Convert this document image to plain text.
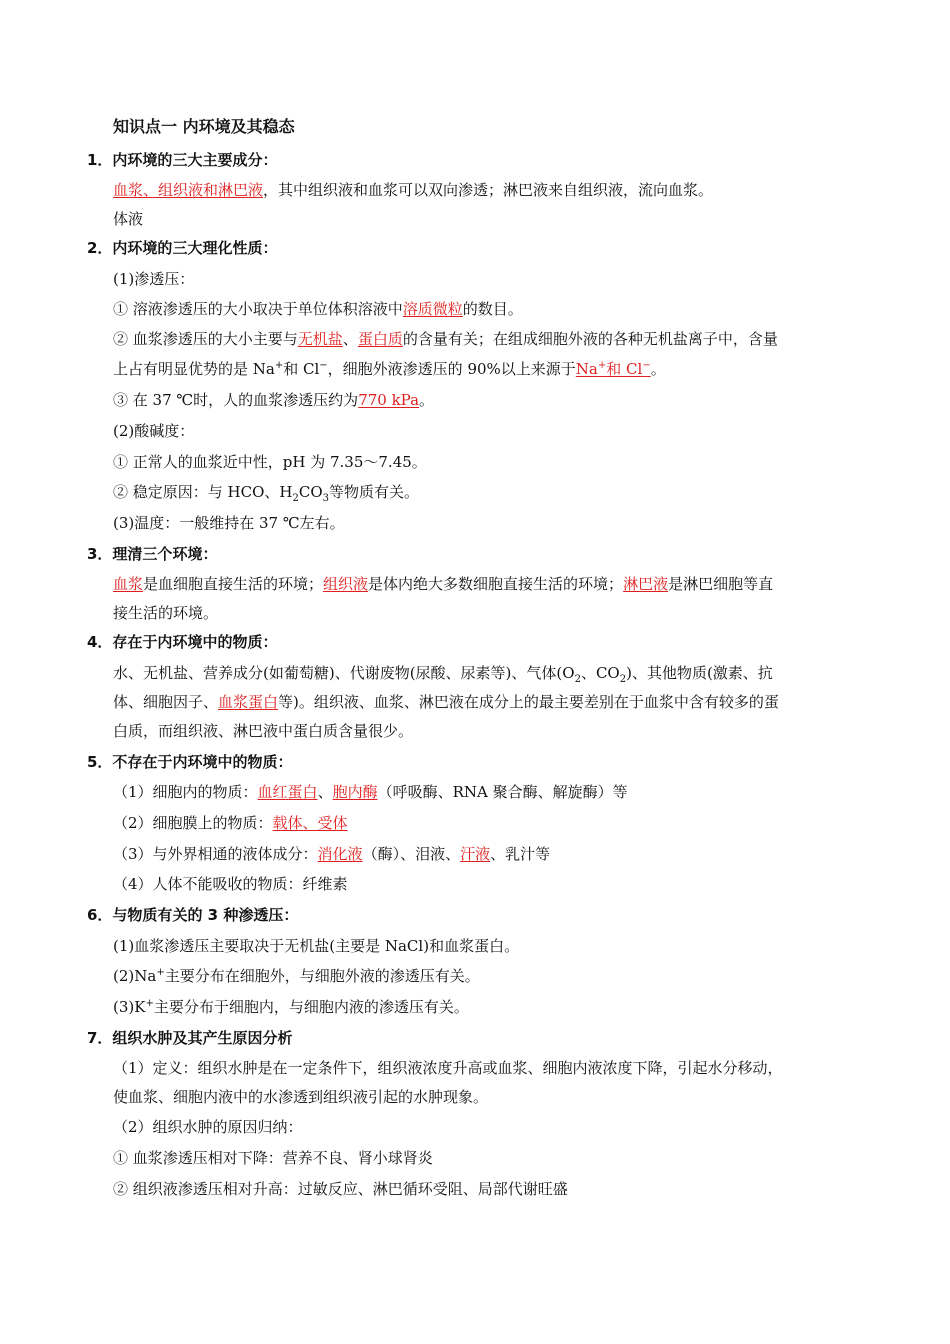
知识点一 内环境及其稳态
1．内环境的三大主要成分：
血浆、组织液和淋巴液，其中组织液和血浆可以双向渗透；淋巴液来自组织液，流向血浆。
体液
2．内环境的三大理化性质：
(1)渗透压：
① 溶液渗透压的大小取决于单位体积溶液中溶质微粒的数目。
② 血浆渗透压的大小主要与无机盐、蛋白质的含量有关；在组成细胞外液的各种无机盐离子中，含量
上占有明显优势的是 Na+和 Cl−，细胞外液渗透压的 90%以上来源于Na+和 Cl−。
③ 在 37 ℃时，人的血浆渗透压约为770 kPa。
(2)酸碱度：
① 正常人的血浆近中性，pH 为 7.35～7.45。
② 稳定原因：与 HCO、$H_2CO_3$等物质有关。
(3)温度：一般维持在 37 ℃左右。
3．理清三个环境：
血浆是血细胞直接生活的环境；组织液是体内绝大多数细胞直接生活的环境；淋巴液是淋巴细胞等直
接生活的环境。
4．存在于内环境中的物质：
水、无机盐、营养成分(如葡萄糖)、代谢废物(尿酸、尿素等)、气体($O_2$、$CO_2$)、其他物质(激素、抗
体、细胞因子、血浆蛋白等)。组织液、血浆、淋巴液在成分上的最主要差别在于血浆中含有较多的蛋
白质，而组织液、淋巴液中蛋白质含量很少。
5．不存在于内环境中的物质：
（1）细胞内的物质：血红蛋白、胞内酶（呼吸酶、RNA 聚合酶、解旋酶）等
（2）细胞膜上的物质：载体、受体
（3）与外界相通的液体成分：消化液（酶）、泪液、汗液、乳汁等
（4）人体不能吸收的物质：纤维素
6．与物质有关的 3 种渗透压：
(1)血浆渗透压主要取决于无机盐(主要是 NaCl)和血浆蛋白。
(2)Na+主要分布在细胞外，与细胞外液的渗透压有关。
(3)K+主要分布于细胞内，与细胞内液的渗透压有关。
7．组织水肿及其产生原因分析
（1）定义：组织水肿是在一定条件下，组织液浓度升高或血浆、细胞内液浓度下降，引起水分移动，
使血浆、细胞内液中的水渗透到组织液引起的水肿现象。
（2）组织水肿的原因归纳：
① 血浆渗透压相对下降：营养不良、肾小球肾炎
② 组织液渗透压相对升高：过敏反应、淋巴循环受阻、局部代谢旺盛
